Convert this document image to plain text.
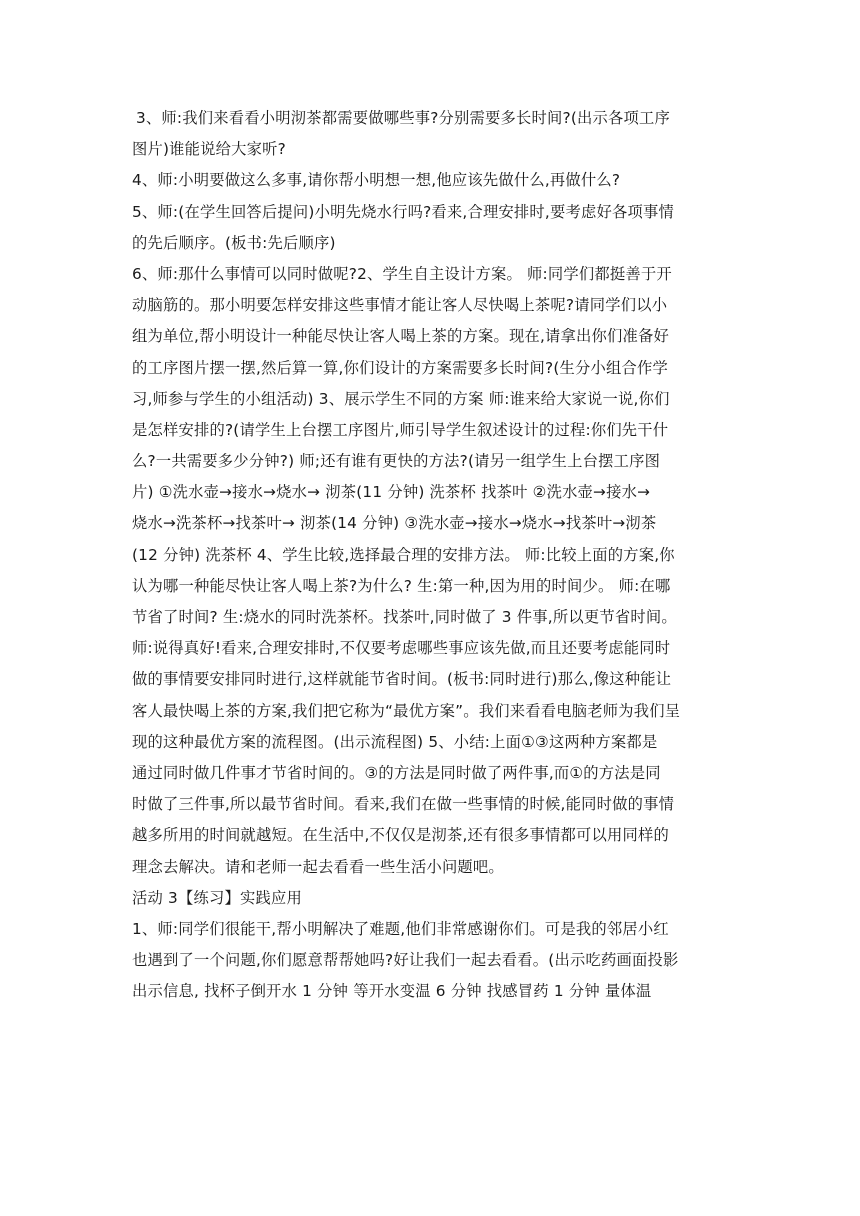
3、师:我们来看看小明沏茶都需要做哪些事?分别需要多长时间?(出示各项工序
图片)谁能说给大家听?
4、师:小明要做这么多事,请你帮小明想一想,他应该先做什么,再做什么?
5、师:(在学生回答后提问)小明先烧水行吗?看来,合理安排时,要考虑好各项事情
的先后顺序。(板书:先后顺序)
6、师:那什么事情可以同时做呢?2、学生自主设计方案。 师:同学们都挺善于开
动脑筋的。那小明要怎样安排这些事情才能让客人尽快喝上茶呢?请同学们以小
组为单位,帮小明设计一种能尽快让客人喝上茶的方案。现在,请拿出你们准备好
的工序图片摆一摆,然后算一算,你们设计的方案需要多长时间?(生分小组合作学
习,师参与学生的小组活动) 3、展示学生不同的方案 师:谁来给大家说一说,你们
是怎样安排的?(请学生上台摆工序图片,师引导学生叙述设计的过程:你们先干什
么?一共需要多少分钟?) 师;还有谁有更快的方法?(请另一组学生上台摆工序图
片) ①洗水壶→接水→烧水→ 沏茶(11 分钟) 洗茶杯 找茶叶 ②洗水壶→接水→
烧水→洗茶杯→找茶叶→ 沏茶(14 分钟) ③洗水壶→接水→烧水→找茶叶→沏茶
(12 分钟) 洗茶杯 4、学生比较,选择最合理的安排方法。 师:比较上面的方案,你
认为哪一种能尽快让客人喝上茶?为什么? 生:第一种,因为用的时间少。 师:在哪
节省了时间? 生:烧水的同时洗茶杯。找茶叶,同时做了 3 件事,所以更节省时间。
师:说得真好!看来,合理安排时,不仅要考虑哪些事应该先做,而且还要考虑能同时
做的事情要安排同时进行,这样就能节省时间。(板书:同时进行)那么,像这种能让
客人最快喝上茶的方案,我们把它称为“最优方案”。我们来看看电脑老师为我们呈
现的这种最优方案的流程图。(出示流程图) 5、小结:上面①③这两种方案都是
通过同时做几件事才节省时间的。③的方法是同时做了两件事,而①的方法是同
时做了三件事,所以最节省时间。看来,我们在做一些事情的时候,能同时做的事情
越多所用的时间就越短。在生活中,不仅仅是沏茶,还有很多事情都可以用同样的
理念去解决。请和老师一起去看看一些生活小问题吧。
活动 3【练习】实践应用
1、师:同学们很能干,帮小明解决了难题,他们非常感谢你们。可是我的邻居小红
也遇到了一个问题,你们愿意帮帮她吗?好让我们一起去看看。(出示吃药画面投影
出示信息, 找杯子倒开水 1 分钟 等开水变温 6 分钟 找感冒药 1 分钟 量体温
